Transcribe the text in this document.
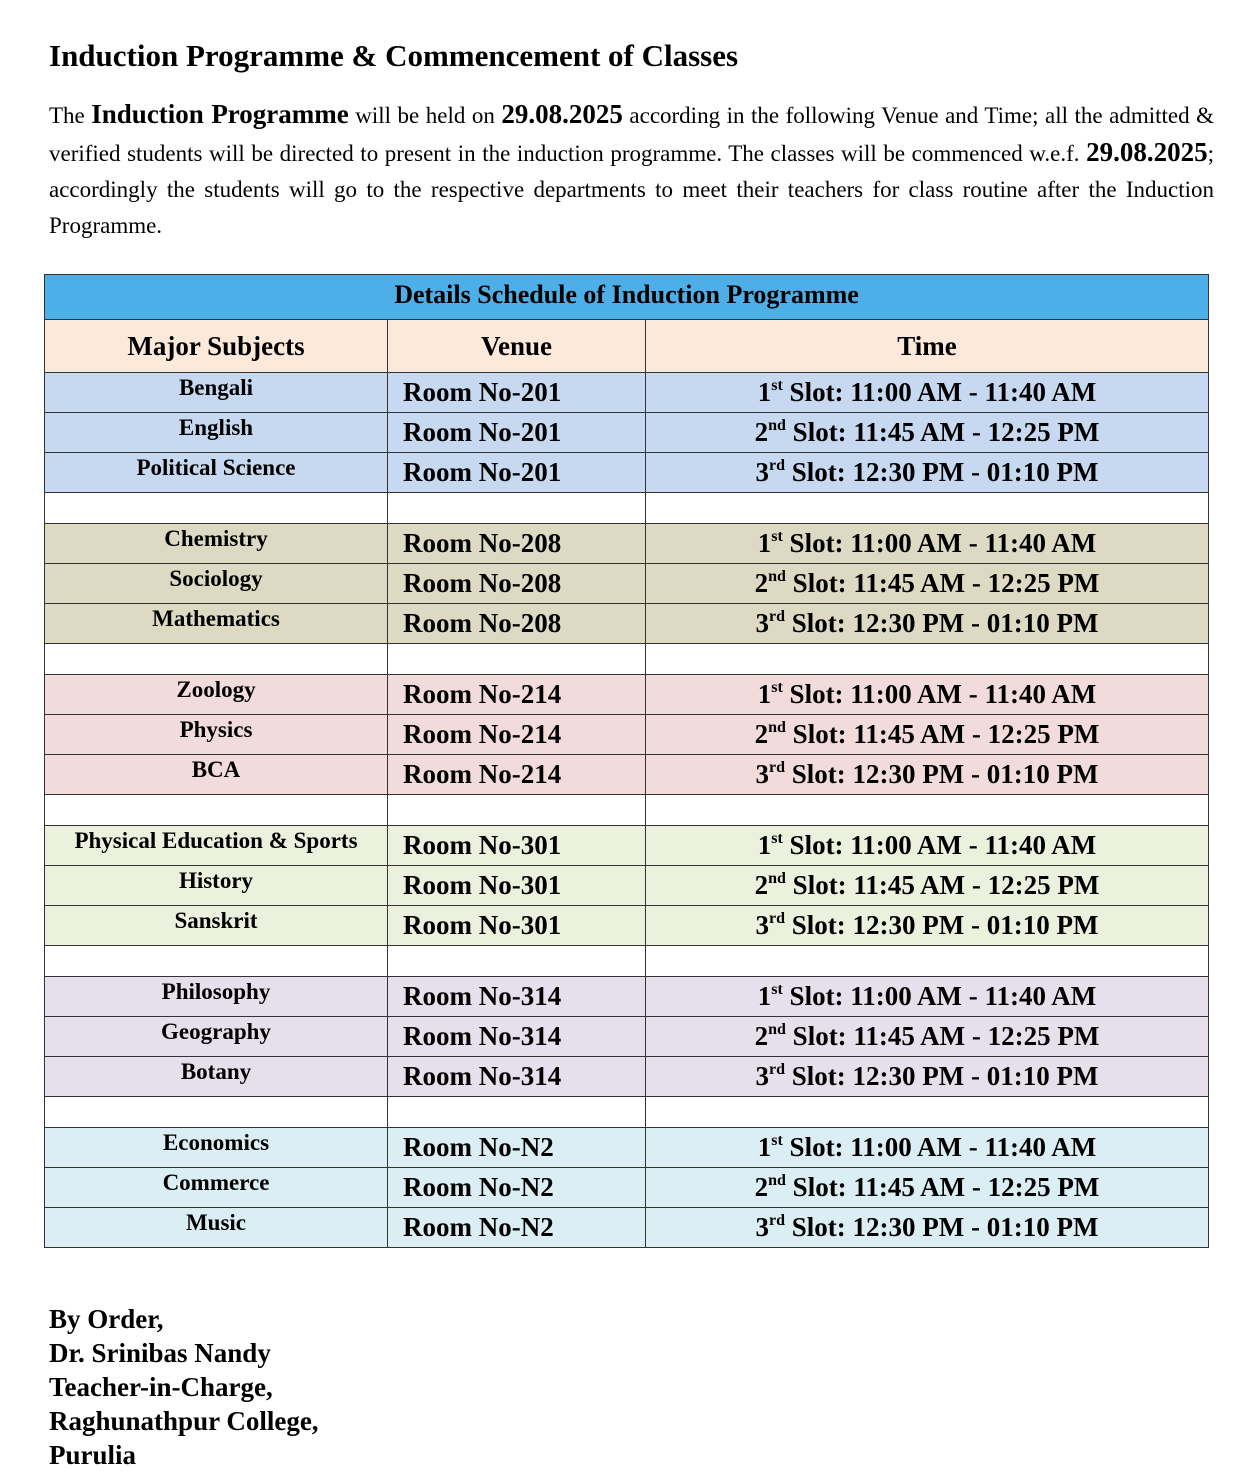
Induction Programme & Commencement of Classes

The Induction Programme will be held on 29.08.2025 according in the following Venue and Time; all the admitted & verified students will be directed to present in the induction programme. The classes will be commenced w.e.f. 29.08.2025; accordingly the students will go to the respective departments to meet their teachers for class routine after the Induction Programme.

Details Schedule of Induction Programme		
Major Subjects	Venue	Time
Bengali	Room No-201	1st Slot: 11:00 AM - 11:40 AM
English	Room No-201	2nd Slot: 11:45 AM - 12:25 PM
Political Science	Room No-201	3rd Slot: 12:30 PM - 01:10 PM

Chemistry	Room No-208	1st Slot: 11:00 AM - 11:40 AM
Sociology	Room No-208	2nd Slot: 11:45 AM - 12:25 PM
Mathematics	Room No-208	3rd Slot: 12:30 PM - 01:10 PM

Zoology	Room No-214	1st Slot: 11:00 AM - 11:40 AM
Physics	Room No-214	2nd Slot: 11:45 AM - 12:25 PM
BCA	Room No-214	3rd Slot: 12:30 PM - 01:10 PM

Physical Education & Sports	Room No-301	1st Slot: 11:00 AM - 11:40 AM
History	Room No-301	2nd Slot: 11:45 AM - 12:25 PM
Sanskrit	Room No-301	3rd Slot: 12:30 PM - 01:10 PM

Philosophy	Room No-314	1st Slot: 11:00 AM - 11:40 AM
Geography	Room No-314	2nd Slot: 11:45 AM - 12:25 PM
Botany	Room No-314	3rd Slot: 12:30 PM - 01:10 PM

Economics	Room No-N2	1st Slot: 11:00 AM - 11:40 AM
Commerce	Room No-N2	2nd Slot: 11:45 AM - 12:25 PM
Music	Room No-N2	3rd Slot: 12:30 PM - 01:10 PM
By Order,
Dr. Srinibas Nandy
Teacher-in-Charge,
Raghunathpur College,
Purulia
